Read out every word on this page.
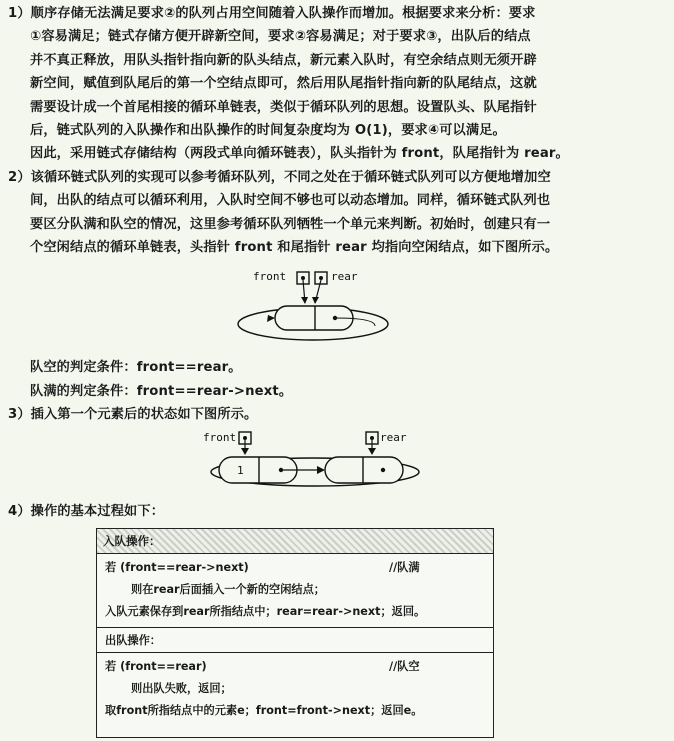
1）顺序存储无法满足要求②的队列占用空间随着入队操作而增加。根据要求来分析：要求
①容易满足；链式存储方便开辟新空间，要求②容易满足；对于要求③，出队后的结点
并不真正释放，用队头指针指向新的队头结点，新元素入队时，有空余结点则无须开辟
新空间，赋值到队尾后的第一个空结点即可，然后用队尾指针指向新的队尾结点，这就
需要设计成一个首尾相接的循环单链表，类似于循环队列的思想。设置队头、队尾指针
后，链式队列的入队操作和出队操作的时间复杂度均为 O(1)，要求④可以满足。
因此，采用链式存储结构（两段式单向循环链表），队头指针为 front，队尾指针为 rear。
2）该循环链式队列的实现可以参考循环队列，不同之处在于循环链式队列可以方便地增加空
间，出队的结点可以循环利用，入队时空间不够也可以动态增加。同样，循环链式队列也
要区分队满和队空的情况，这里参考循环队列牺牲一个单元来判断。初始时，创建只有一
个空闲结点的循环单链表，头指针 front 和尾指针 rear 均指向空闲结点，如下图所示。
front	rear
队空的判定条件：front==rear。
队满的判定条件：front==rear->next。
3）插入第一个元素后的状态如下图所示。
front	rear
1
4）操作的基本过程如下：
入队操作：
若 (front==rear->next)	//队满
则在rear后面插入一个新的空闲结点；
入队元素保存到rear所指结点中；rear=rear->next；返回。
出队操作：
若 (front==rear)	//队空
则出队失败，返回；
取front所指结点中的元素e；front=front->next；返回e。
